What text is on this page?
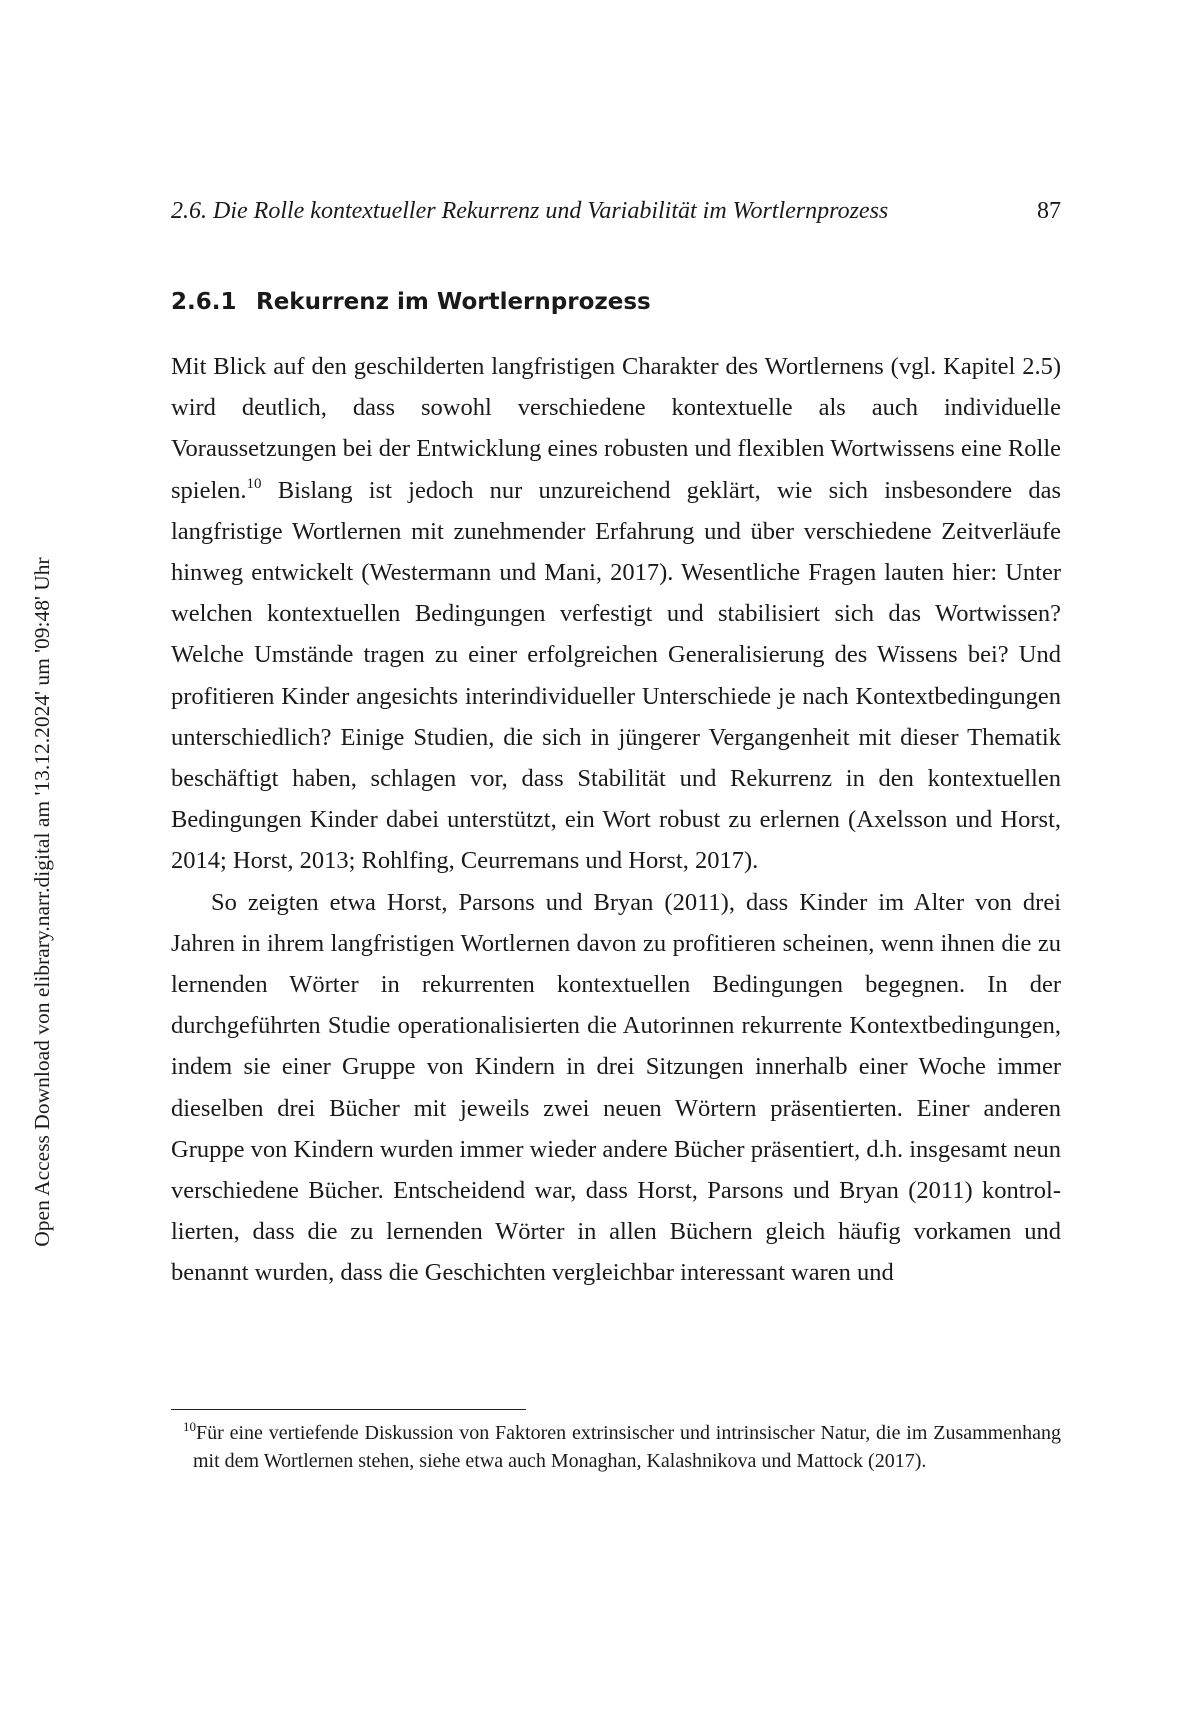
2.6. Die Rolle kontextueller Rekurrenz und Variabilität im Wortlernprozess	87
2.6.1 Rekurrenz im Wortlernprozess

Mit Blick auf den geschilderten langfristigen Charakter des Wortlernens (vgl. Kapitel 2.5) wird deutlich, dass sowohl verschiedene kontextuelle als auch individuelle Voraussetzungen bei der Entwicklung eines robusten und flexiblen Wortwissens eine Rolle spielen.$^{10}$ Bislang ist jedoch nur unzureichend geklärt, wie sich insbesondere das langfristige Wortlernen mit zunehmender Erfahrung und über verschiedene Zeitverläufe hinweg entwickelt (Westermann und Mani, 2017). Wesentliche Fragen lauten hier: Unter welchen kontextuellen Bedingungen verfestigt und stabilisiert sich das Wortwissen? Welche Umstände tragen zu einer erfolgreichen Generalisierung des Wissens bei? Und profitieren Kinder angesichts interindividueller Unterschiede je nach Kontextbedingungen unterschiedlich? Einige Studien, die sich in jüngerer Vergangenheit mit dieser Thematik beschäftigt haben, schlagen vor, dass Stabilität und Rekurrenz in den kontextuellen Bedingungen Kinder dabei unterstützt, ein Wort robust zu erlernen (Axelsson und Horst, 2014; Horst, 2013; Rohlfing, Ceurremans und Horst, 2017).

So zeigten etwa Horst, Parsons und Bryan (2011), dass Kinder im Alter von drei Jahren in ihrem langfristigen Wortlernen davon zu profitieren scheinen, wenn ihnen die zu lernenden Wörter in rekurrenten kontextuellen Bedingungen begegnen. In der durchgeführten Studie operationalisierten die Autorinnen rekurrente Kontextbedingungen, indem sie einer Gruppe von Kindern in drei Sitzungen innerhalb einer Woche immer dieselben drei Bücher mit jeweils zwei neuen Wörtern präsentierten. Einer anderen Gruppe von Kindern wurden immer wieder andere Bücher präsentiert, d.h. insgesamt neun verschiedene Bücher. Entscheidend war, dass Horst, Parsons und Bryan (2011) kontrollierten, dass die zu lernenden Wörter in allen Büchern gleich häufig vorkamen und benannt wurden, dass die Geschichten vergleichbar interessant waren und

$^{10}$Für eine vertiefende Diskussion von Faktoren extrinsischer und intrinsischer Natur, die im Zusammenhang mit dem Wortlernen stehen, siehe etwa auch Monaghan, Kalashnikova und Mattock (2017).
Open Access Download von elibrary.narr.digital am '13.12.2024' um '09:48' Uhr
